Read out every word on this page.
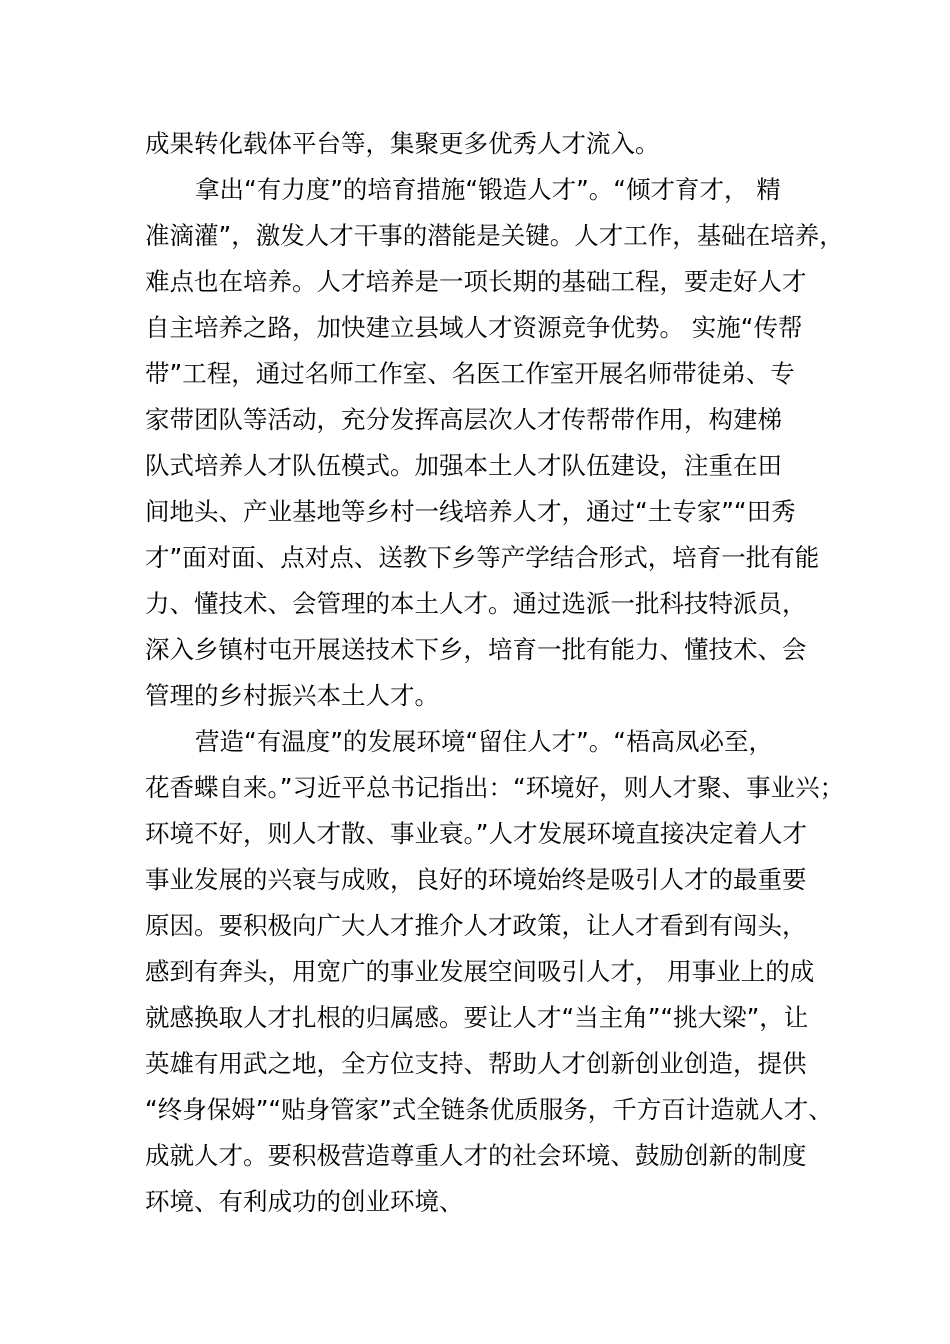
成果转化载体平台等，集聚更多优秀人才流入。
拿出“有力度”的培育措施“锻造人才”。“倾才育才， 精
准滴灌”，激发人才干事的潜能是关键。人才工作，基础在培养，
难点也在培养。人才培养是一项长期的基础工程，要走好人才
自主培养之路，加快建立县域人才资源竞争优势。 实施“传帮
带”工程，通过名师工作室、名医工作室开展名师带徒弟、专
家带团队等活动，充分发挥高层次人才传帮带作用，构建梯
队式培养人才队伍模式。加强本土人才队伍建设，注重在田
间地头、产业基地等乡村一线培养人才，通过“土专家”“田秀
才”面对面、点对点、送教下乡等产学结合形式，培育一批有能
力、懂技术、会管理的本土人才。通过选派一批科技特派员，
深入乡镇村屯开展送技术下乡，培育一批有能力、懂技术、会
管理的乡村振兴本土人才。
营造“有温度”的发展环境“留住人才”。“梧高凤必至，
花香蝶自来。”习近平总书记指出：“环境好，则人才聚、事业兴；
环境不好，则人才散、事业衰。”人才发展环境直接决定着人才
事业发展的兴衰与成败，良好的环境始终是吸引人才的最重要
原因。要积极向广大人才推介人才政策，让人才看到有闯头，
感到有奔头，用宽广的事业发展空间吸引人才， 用事业上的成
就感换取人才扎根的归属感。要让人才“当主角”“挑大梁”，让
英雄有用武之地，全方位支持、帮助人才创新创业创造，提供
“终身保姆”“贴身管家”式全链条优质服务，千方百计造就人才、
成就人才。要积极营造尊重人才的社会环境、鼓励创新的制度
环境、有利成功的创业环境、
